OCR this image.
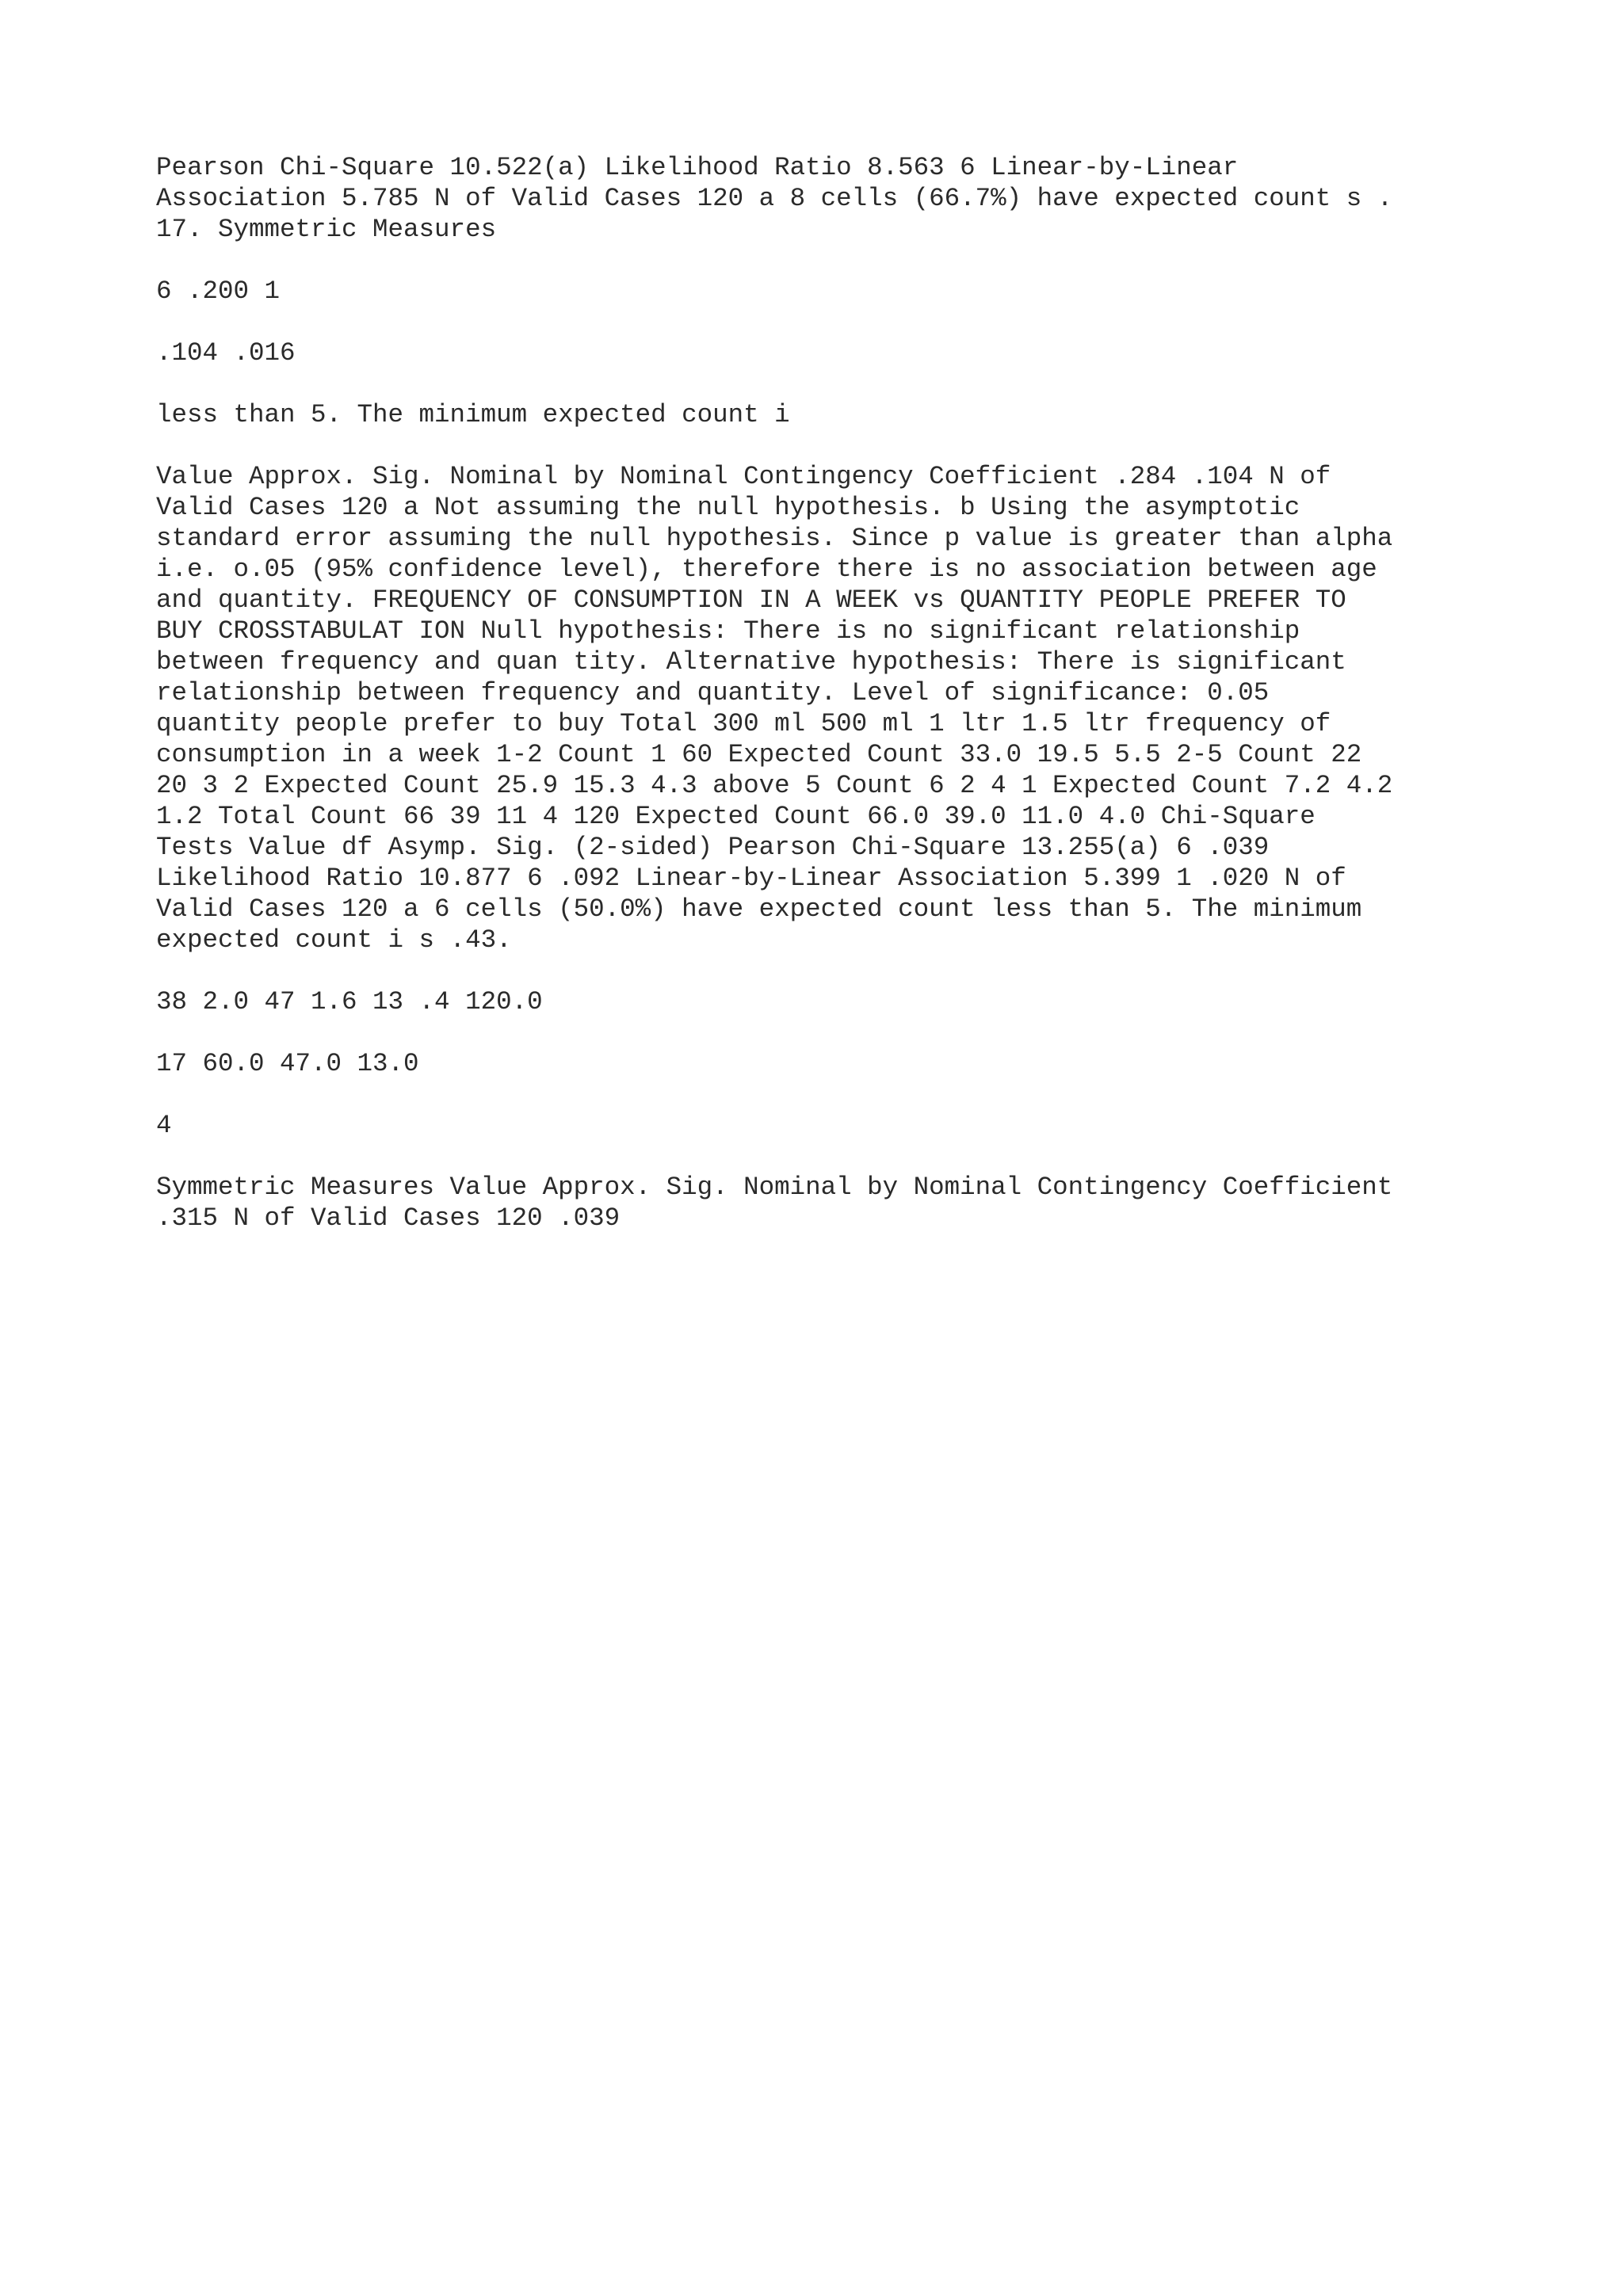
Pearson Chi-Square 10.522(a) Likelihood Ratio 8.563 6 Linear-by-Linear
Association 5.785 N of Valid Cases 120 a 8 cells (66.7%) have expected count s .
17. Symmetric Measures

6 .200 1

.104 .016

less than 5. The minimum expected count i

Value Approx. Sig. Nominal by Nominal Contingency Coefficient .284 .104 N of
Valid Cases 120 a Not assuming the null hypothesis. b Using the asymptotic
standard error assuming the null hypothesis. Since p value is greater than alpha
i.e. o.05 (95% confidence level), therefore there is no association between age
and quantity. FREQUENCY OF CONSUMPTION IN A WEEK vs QUANTITY PEOPLE PREFER TO
BUY CROSSTABULAT ION Null hypothesis: There is no significant relationship
between frequency and quan tity. Alternative hypothesis: There is significant
relationship between frequency and quantity. Level of significance: 0.05
quantity people prefer to buy Total 300 ml 500 ml 1 ltr 1.5 ltr frequency of
consumption in a week 1-2 Count 1 60 Expected Count 33.0 19.5 5.5 2-5 Count 22
20 3 2 Expected Count 25.9 15.3 4.3 above 5 Count 6 2 4 1 Expected Count 7.2 4.2
1.2 Total Count 66 39 11 4 120 Expected Count 66.0 39.0 11.0 4.0 Chi-Square
Tests Value df Asymp. Sig. (2-sided) Pearson Chi-Square 13.255(a) 6 .039
Likelihood Ratio 10.877 6 .092 Linear-by-Linear Association 5.399 1 .020 N of
Valid Cases 120 a 6 cells (50.0%) have expected count less than 5. The minimum
expected count i s .43.

38 2.0 47 1.6 13 .4 120.0

17 60.0 47.0 13.0

4

Symmetric Measures Value Approx. Sig. Nominal by Nominal Contingency Coefficient
.315 N of Valid Cases 120 .039
